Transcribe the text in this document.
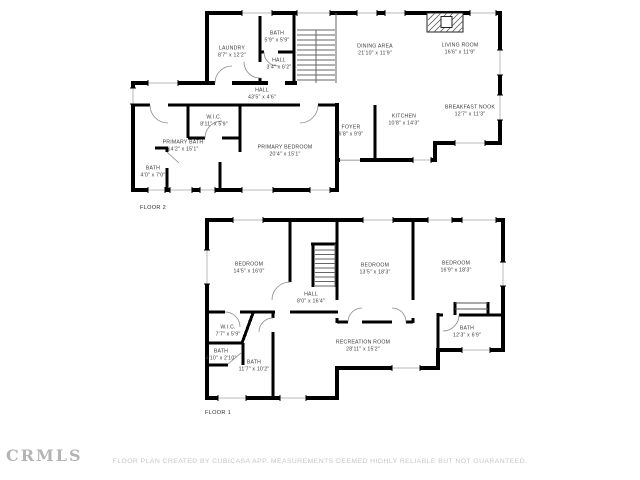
LAUNDRY
8'7" x 12'2"
BATH
5'9" x 5'9"
HALL
3'4" x 6'2"
DINING AREA
21'10" x 11'9"
LIVING ROOM
16'6" x 11'9"
HALL
43'5" x 4'6"
FOYER
6'8" x 9'9"
KITCHEN
10'8" x 14'3"
BREAKFAST NOOK
12'7" x 11'3"
W.I.C.
8'11" x 5'9"
PRIMARY BATH
14'2" x 15'1"	PRIMARY BEDROOM
20'4" x 15'1"
BATH
4'0" x 7'0"
FLOOR 2
BEDROOM
14'5" x 16'0"
HALL
8'0" x 16'4"
BEDROOM
13'5" x 18'3"
BEDROOM
16'9" x 18'3"
W.I.C.
7'7" x 5'9"
BATH
4'10" x 2'10"
BATH
11'7" x 10'2"
RECREATION ROOM
28'11" x 15'2"
BATH
12'3" x 6'9"
FLOOR 1
CRMLS	FLOOR PLAN CREATED BY CUBICASA APP. MEASUREMENTS DEEMED HIGHLY RELIABLE BUT NOT GUARANTEED.
